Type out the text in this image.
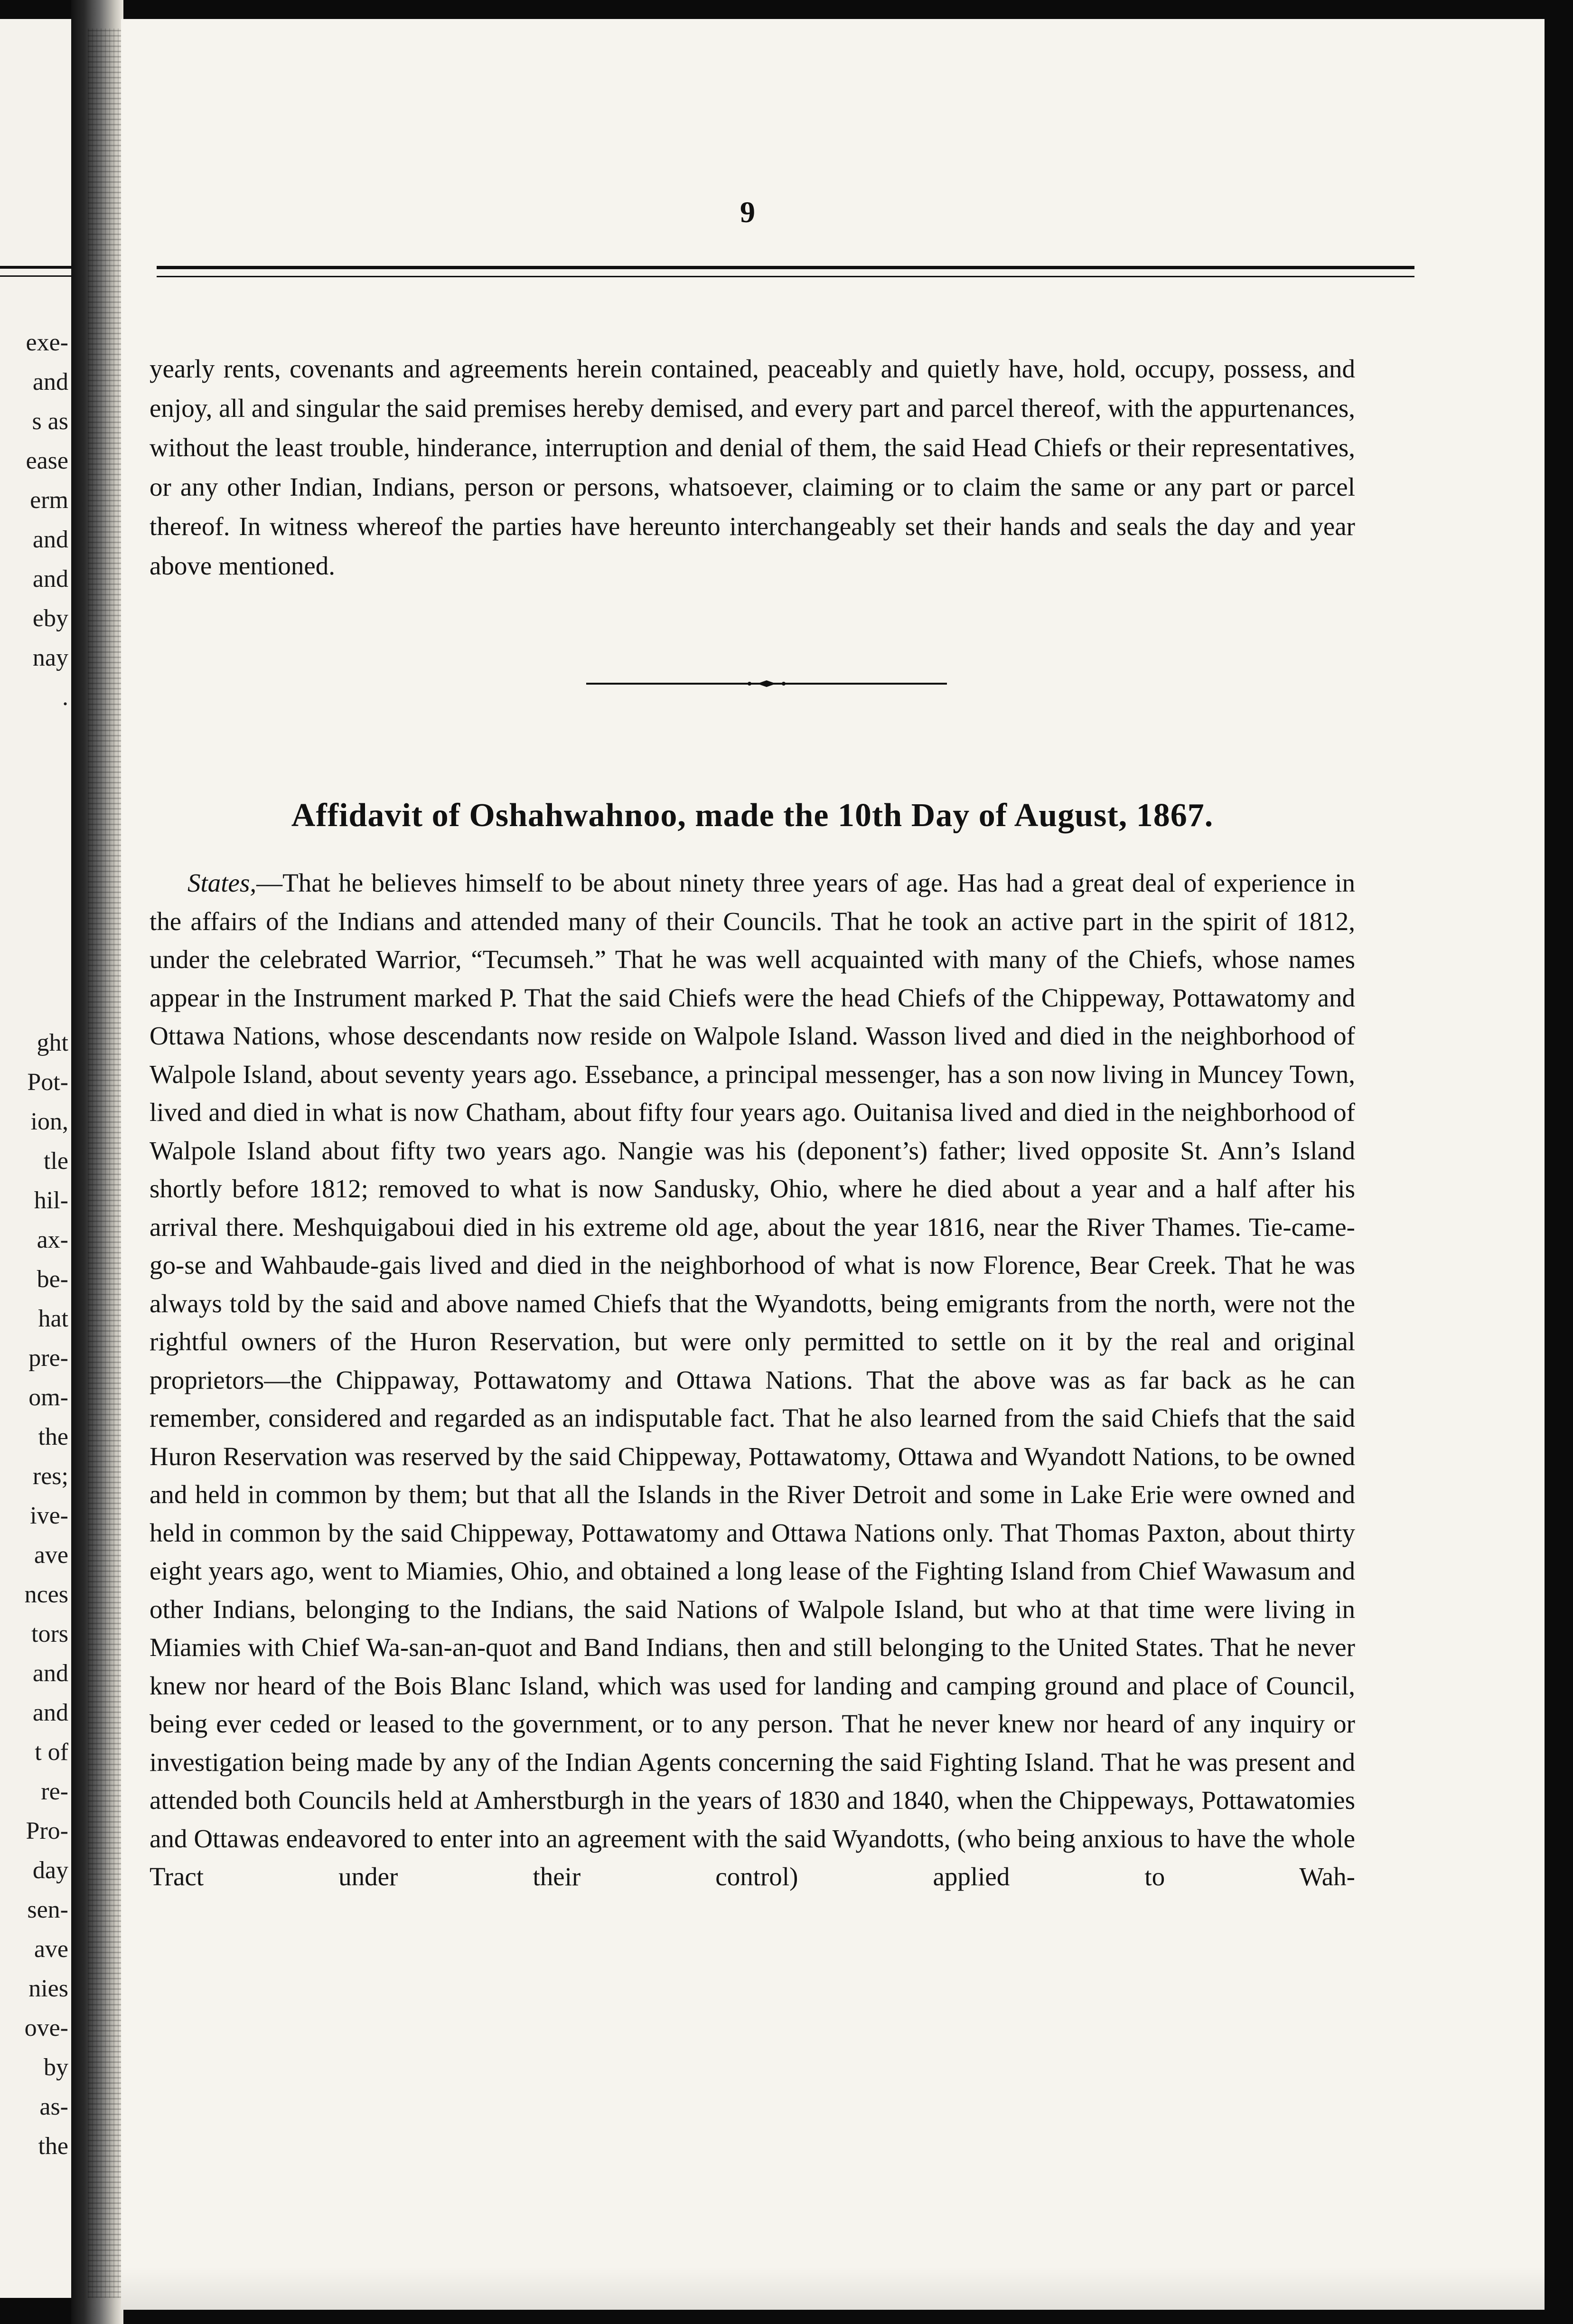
exe-
and
s as
ease
erm
and
and
eby
nay
.
ght
Pot-
ion,
tle
hil-
ax-
be-
hat
pre-
om-
the
res;
ive-
ave
nces
tors
and
and
t of
re-
Pro-
day
sen-
ave
nies
ove-
by
as-
the
9

yearly rents, covenants and agreements herein contained, peaceably and quietly have, hold, occupy, possess, and enjoy, all and singular the said premises hereby demised, and every part and parcel thereof, with the appurtenances, without the least trouble, hinderance, interruption and denial of them, the said Head Chiefs or their representatives, or any other Indian, Indians, person or persons, whatsoever, claiming or to claim the same or any part or parcel thereof. In witness whereof the parties have hereunto interchangeably set their hands and seals the day and year above mentioned.

Affidavit of Oshahwahnoo, made the 10th Day of August, 1867.

States,—That he believes himself to be about ninety three years of age. Has had a great deal of experience in the affairs of the Indians and attended many of their Councils. That he took an active part in the spirit of 1812, under the celebrated Warrior, “Tecumseh.” That he was well acquainted with many of the Chiefs, whose names appear in the Instrument marked P. That the said Chiefs were the head Chiefs of the Chippeway, Pottawatomy and Ottawa Nations, whose descendants now reside on Walpole Island. Wasson lived and died in the neighborhood of Walpole Island, about seventy years ago. Essebance, a principal messenger, has a son now living in Muncey Town, lived and died in what is now Chatham, about fifty four years ago. Ouitanisa lived and died in the neighborhood of Walpole Island about fifty two years ago. Nangie was his (deponent’s) father; lived opposite St. Ann’s Island shortly before 1812; removed to what is now Sandusky, Ohio, where he died about a year and a half after his arrival there. Meshquigaboui died in his extreme old age, about the year 1816, near the River Thames. Tie-came-go-se and Wahbaude-gais lived and died in the neighborhood of what is now Florence, Bear Creek. That he was always told by the said and above named Chiefs that the Wyandotts, being emigrants from the north, were not the rightful owners of the Huron Reservation, but were only permitted to settle on it by the real and original proprietors—the Chippaway, Pottawatomy and Ottawa Nations. That the above was as far back as he can remember, considered and regarded as an indisputable fact. That he also learned from the said Chiefs that the said Huron Reservation was reserved by the said Chippeway, Pottawatomy, Ottawa and Wyandott Nations, to be owned and held in common by them; but that all the Islands in the River Detroit and some in Lake Erie were owned and held in common by the said Chippeway, Pottawatomy and Ottawa Nations only. That Thomas Paxton, about thirty eight years ago, went to Miamies, Ohio, and obtained a long lease of the Fighting Island from Chief Wawasum and other Indians, belonging to the Indians, the said Nations of Walpole Island, but who at that time were living in Miamies with Chief Wa-san-an-quot and Band Indians, then and still belonging to the United States. That he never knew nor heard of the Bois Blanc Island, which was used for landing and camping ground and place of Council, being ever ceded or leased to the government, or to any person. That he never knew nor heard of any inquiry or investigation being made by any of the Indian Agents concerning the said Fighting Island. That he was present and attended both Councils held at Amherstburgh in the years of 1830 and 1840, when the Chippeways, Pottawatomies and Ottawas endeavored to enter into an agreement with the said Wyandotts, (who being anxious to have the whole Tract under their control) applied to Wah-
